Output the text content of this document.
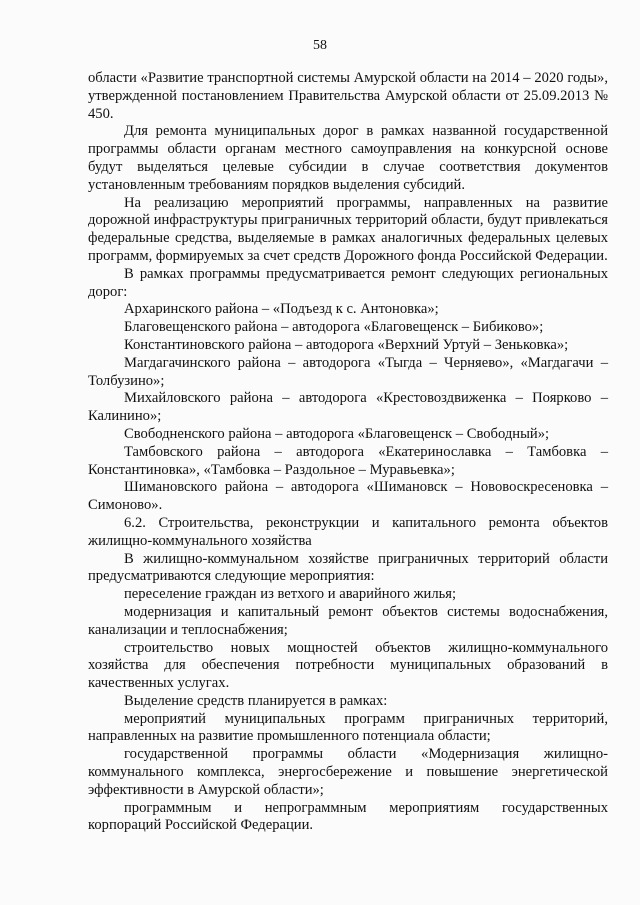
58

области «Развитие транспортной системы Амурской области на 2014 – 2020 годы», утвержденной постановлением Правительства Амурской области от 25.09.2013 № 450.

Для ремонта муниципальных дорог в рамках названной государственной программы области органам местного самоуправления на конкурсной основе будут выделяться целевые субсидии в случае соответствия документов установленным требованиям порядков выделения субсидий.

На реализацию мероприятий программы, направленных на развитие дорожной инфраструктуры приграничных территорий области, будут привлекаться федеральные средства, выделяемые в рамках аналогичных федеральных целевых программ, формируемых за счет средств Дорожного фонда Российской Федерации.

В рамках программы предусматривается ремонт следующих региональных дорог:

Архаринского района – «Подъезд к с. Антоновка»;

Благовещенского района – автодорога «Благовещенск – Бибиково»;

Константиновского района – автодорога «Верхний Уртуй – Зеньковка»;

Магдагачинского района – автодорога «Тыгда – Черняево», «Магдагачи – Толбузино»;

Михайловского района – автодорога «Крестовоздвиженка – Поярково – Калинино»;

Свободненского района – автодорога «Благовещенск – Свободный»;

Тамбовского района – автодорога «Екатеринославка – Тамбовка – Константиновка», «Тамбовка – Раздольное – Муравьевка»;

Шимановского района – автодорога «Шимановск – Нововоскресеновка – Симоново».

6.2. Строительства, реконструкции и капитального ремонта объектов жилищно-коммунального хозяйства

В жилищно-коммунальном хозяйстве приграничных территорий области предусматриваются следующие мероприятия:

переселение граждан из ветхого и аварийного жилья;

модернизация и капитальный ремонт объектов системы водоснабжения, канализации и теплоснабжения;

строительство новых мощностей объектов жилищно-коммунального хозяйства для обеспечения потребности муниципальных образований в качественных услугах.

Выделение средств планируется в рамках:

мероприятий муниципальных программ приграничных территорий, направленных на развитие промышленного потенциала области;

государственной программы области «Модернизация жилищно-коммунального комплекса, энергосбережение и повышение энергетической эффективности в Амурской области»;

программным и непрограммным мероприятиям государственных корпораций Российской Федерации.
